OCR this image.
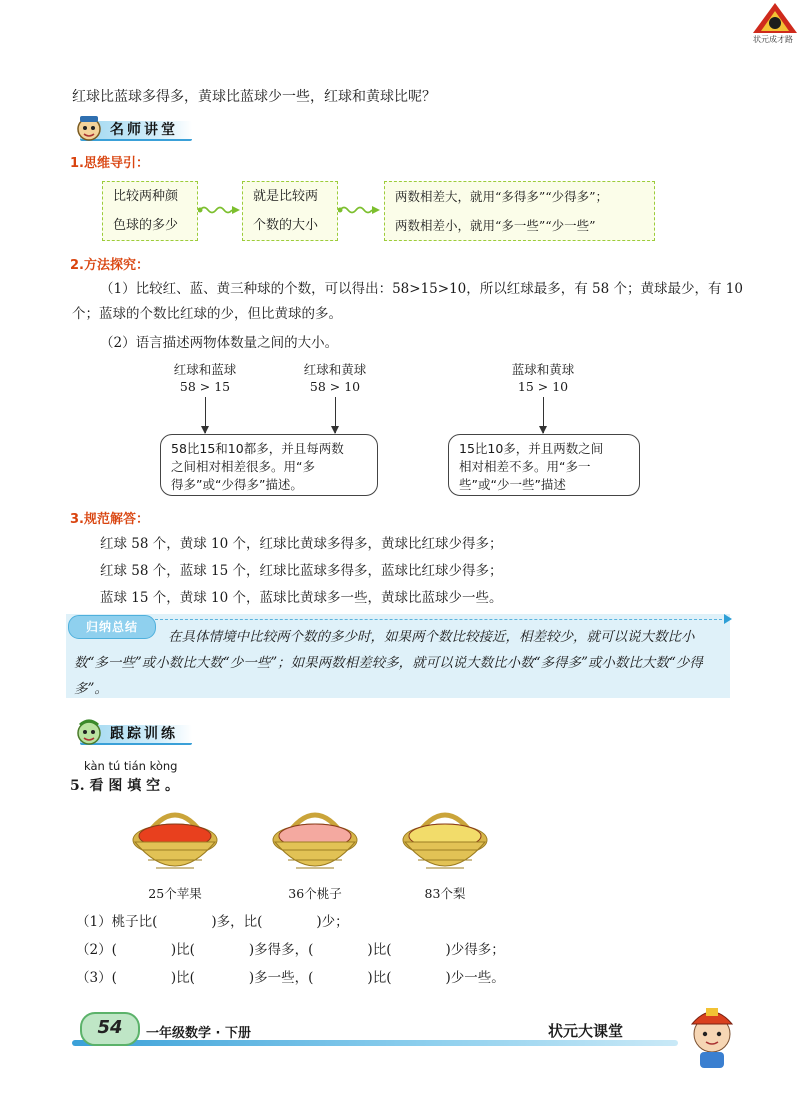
状元成才路
红球比蓝球多得多，黄球比蓝球少一些，红球和黄球比呢？
名师讲堂
1.思维导引：
比较两种颜
色球的多少
就是比较两
个数的大小
两数相差大，就用“多得多”“少得多”；
两数相差小，就用“多一些”“少一些”
2.方法探究：
（1）比较红、蓝、黄三种球的个数，可以得出：58>15>10，所以红球最多，有 58 个；黄球最少，有 10
个；蓝球的个数比红球的少，但比黄球的多。
（2）语言描述两物体数量之间的大小。
红球和蓝球
58 > 15
红球和黄球
58 > 10
蓝球和黄球
15 > 10
58比15和10都多，并且每两数
之间相对相差很多。用“多
得多”或“少得多”描述。
15比10多，并且两数之间
相对相差不多。用“多一
些”或“少一些”描述
3.规范解答：
红球 58 个，黄球 10 个，红球比黄球多得多，黄球比红球少得多；
红球 58 个，蓝球 15 个，红球比蓝球多得多，蓝球比红球少得多；
蓝球 15 个，黄球 10 个，蓝球比黄球多一些，黄球比蓝球少一些。
归纳总结
在具体情境中比较两个数的多少时，如果两个数比较接近，相差较少，就可以说大数比小数“多一些”或小数比大数“少一些”；如果两数相差较多，就可以说大数比小数“多得多”或小数比大数“少得多”。
跟踪训练
kàn tú tián kòng
5. 看 图 填 空 。
25个苹果	36个桃子	83个梨
（1）桃子比(　　　　)多，比(　　　　)少；
（2）(　　　　)比(　　　　)多得多，(　　　　)比(　　　　)少得多；
（3）(　　　　)比(　　　　)多一些，(　　　　)比(　　　　)少一些。
54	一年级数学 · 下册	状元大课堂
